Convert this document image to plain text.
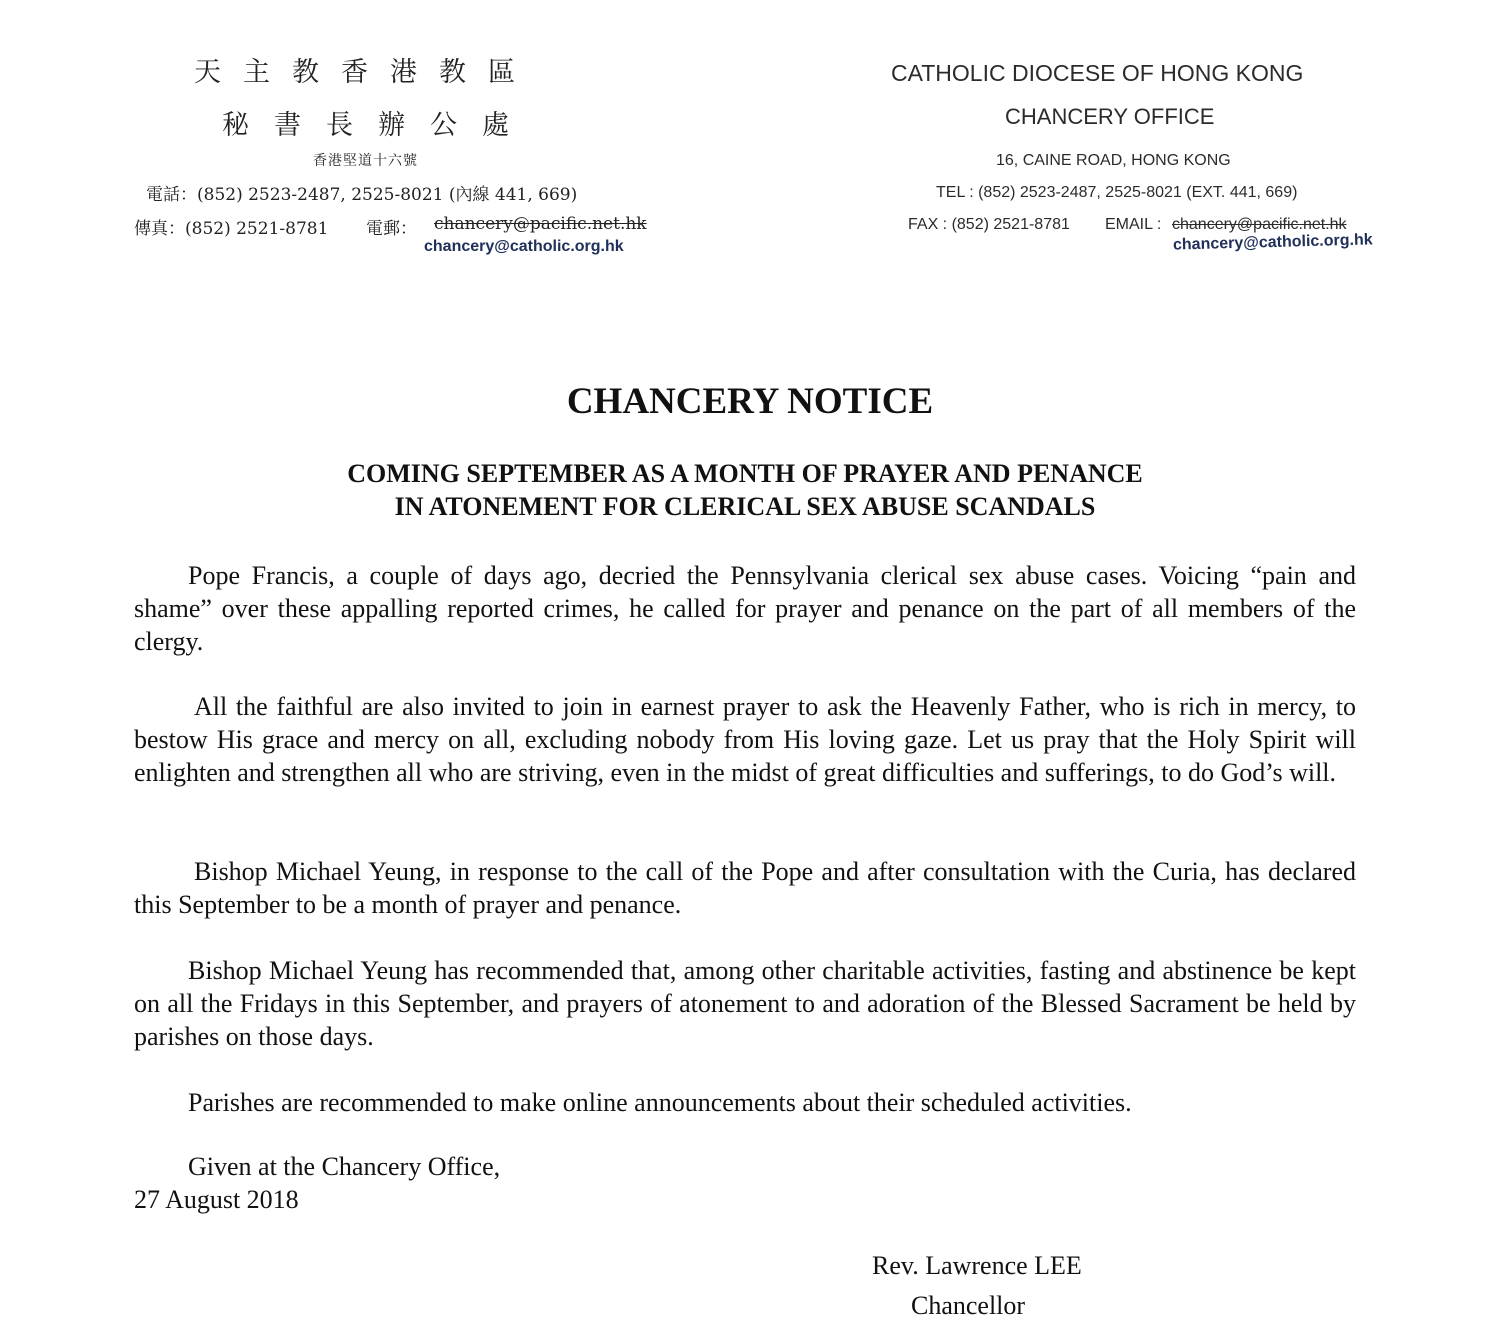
天主教香港教區
秘書長辦公處
香港堅道十六號
電話：(852) 2523-2487, 2525-8021 (內線 441, 669)
傳真：(852) 2521-8781 電郵： chancery@pacific.net.hk
chancery@catholic.org.hk
CATHOLIC DIOCESE OF HONG KONG
CHANCERY OFFICE
16, CAINE ROAD, HONG KONG
TEL : (852) 2523-2487, 2525-8021 (EXT. 441, 669)
FAX : (852) 2521-8781 EMAIL : chancery@pacific.net.hk
chancery@catholic.org.hk
CHANCERY NOTICE
COMING SEPTEMBER AS A MONTH OF PRAYER AND PENANCE
IN ATONEMENT FOR CLERICAL SEX ABUSE SCANDALS

Pope Francis, a couple of days ago, decried the Pennsylvania clerical sex abuse cases. Voicing “pain and shame” over these appalling reported crimes, he called for prayer and penance on the part of all members of the clergy.

All the faithful are also invited to join in earnest prayer to ask the Heavenly Father, who is rich in mercy, to bestow His grace and mercy on all, excluding nobody from His loving gaze. Let us pray that the Holy Spirit will enlighten and strengthen all who are striving, even in the midst of great difficulties and sufferings, to do God’s will.

Bishop Michael Yeung, in response to the call of the Pope and after consultation with the Curia, has declared this September to be a month of prayer and penance.

Bishop Michael Yeung has recommended that, among other charitable activities, fasting and abstinence be kept on all the Fridays in this September, and prayers of atonement to and adoration of the Blessed Sacrament be held by parishes on those days.

Parishes are recommended to make online announcements about their scheduled activities.

Given at the Chancery Office,
27 August 2018
Rev. Lawrence LEE
Chancellor
